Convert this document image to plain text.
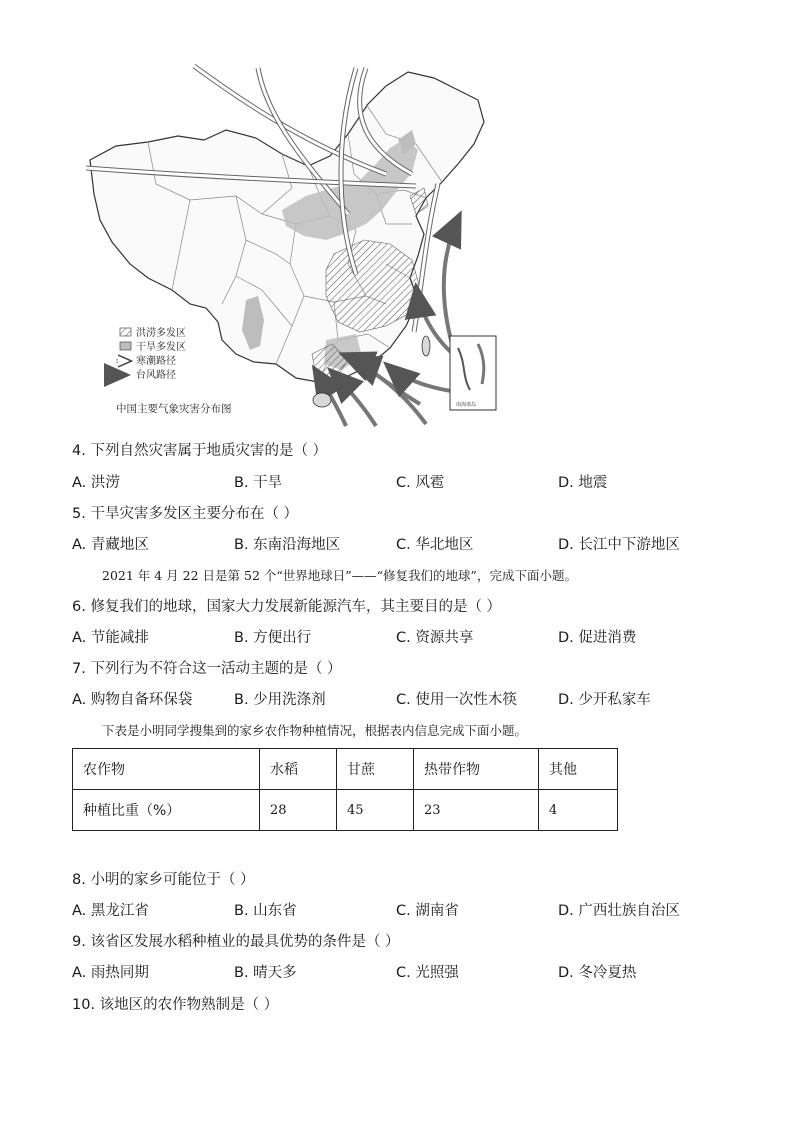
南海诸岛
洪涝多发区
干旱多发区
寒潮路径
台风路径
中国主要气象灾害分布图
4. 下列自然灾害属于地质灾害的是（ ）
A. 洪涝	B. 干旱	C. 风雹	D. 地震
5. 干旱灾害多发区主要分布在（ ）
A. 青藏地区	B. 东南沿海地区	C. 华北地区	D. 长江中下游地区
2021 年 4 月 22 日是第 52 个“世界地球日”——“修复我们的地球”，完成下面小题。
6. 修复我们的地球，国家大力发展新能源汽车，其主要目的是（ ）
A. 节能减排	B. 方便出行	C. 资源共享	D. 促进消费
7. 下列行为不符合这一活动主题的是（ ）
A. 购物自备环保袋	B. 少用洗涤剂	C. 使用一次性木筷	D. 少开私家车
下表是小明同学搜集到的家乡农作物种植情况，根据表内信息完成下面小题。
农作物	水稻	甘蔗	热带作物	其他
种植比重（%）	28	45	23	4
8. 小明的家乡可能位于（ ）
A. 黑龙江省	B. 山东省	C. 湖南省	D. 广西壮族自治区
9. 该省区发展水稻种植业的最具优势的条件是（ ）
A. 雨热同期	B. 晴天多	C. 光照强	D. 冬冷夏热
10. 该地区的农作物熟制是（ ）
